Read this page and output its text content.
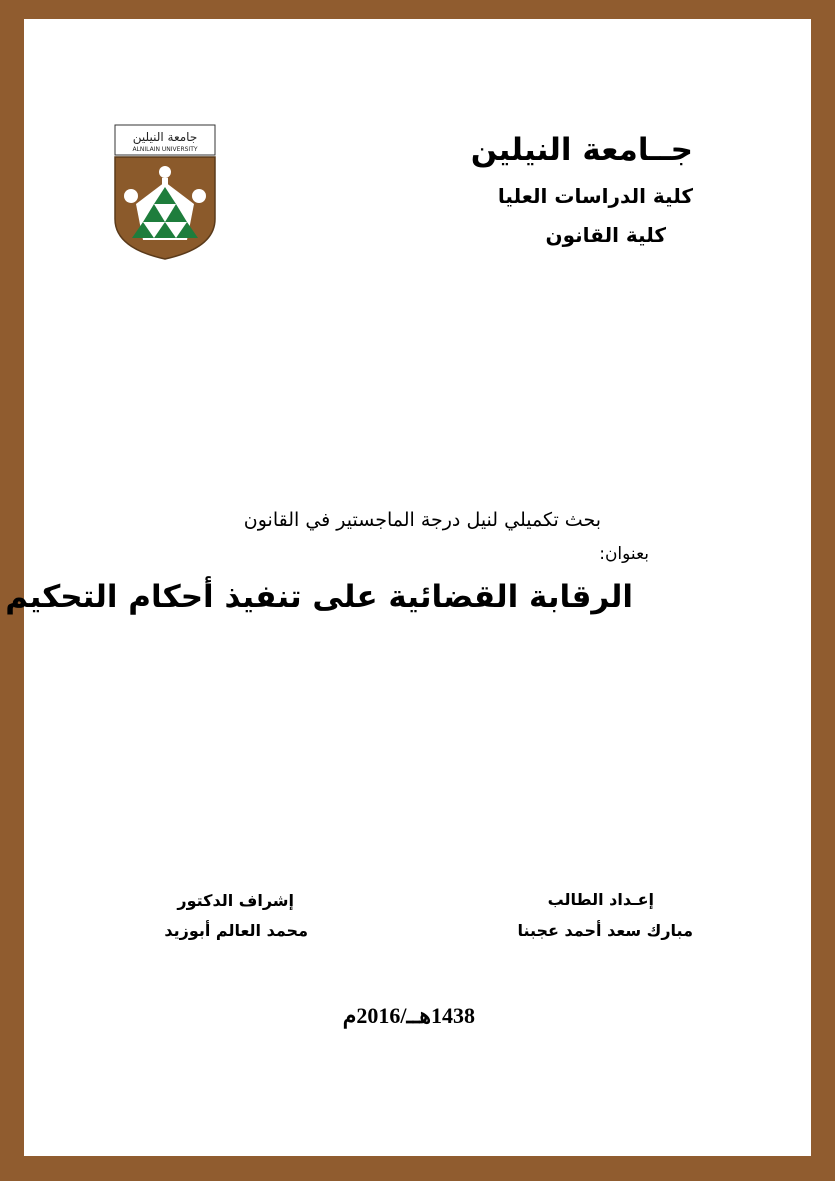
جــامعة النيلين
كلية الدراسات العليا
كلية القانون
جامعة النيلين
ALNILAIN UNIVERSITY
بحث تكميلي لنيل درجة الماجستير في القانون
بعنوان:
الرقابة القضائية على تنفيذ أحكام التحكيم
إعـداد الطالب
مبارك سعد أحمد عجبنا
إشراف الدكتور
محمد العالم أبوزيد
1438هــ/2016م
